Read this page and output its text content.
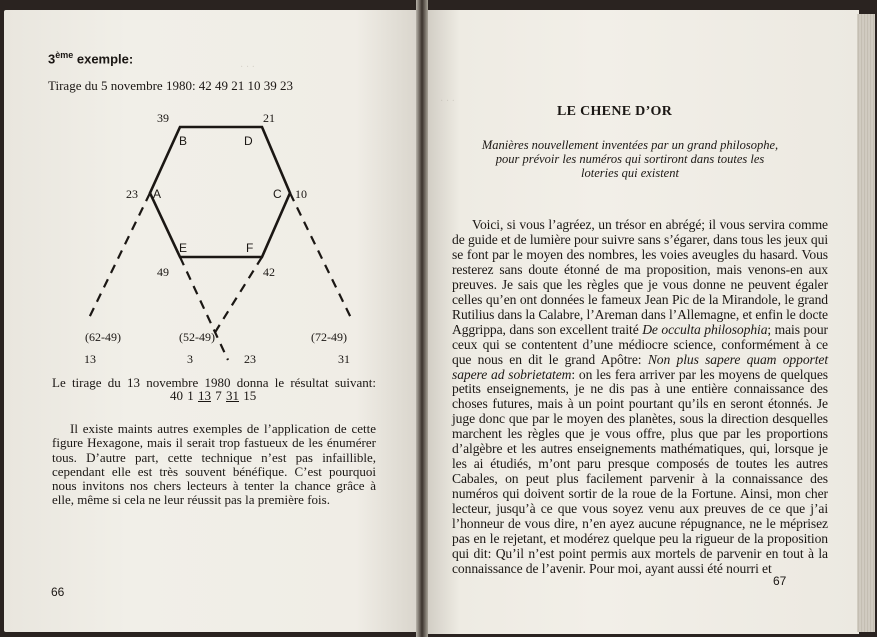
· · ·
· · ·
3ème exemple:
Tirage du 5 novembre 1980: 42 49 21 10 39 23
A
B
C
D
E	F
39	21
23	10
49	42
(62-49)	(52-49)	(72-49)
13	3	23	31
Le tirage du 13 novembre 1980 donna le résultat suivant:
40 1 13 7 31 15
Il existe maints autres exemples de l’application de cette figure Hexagone, mais il serait trop fastueux de les énumérer tous. D’autre part, cette technique n’est pas infaillible, cependant elle est très souvent bénéfique. C’est pourquoi nous invitons nos chers lecteurs à tenter la chance grâce à elle, même si cela ne leur réussit pas la première fois.
66
LE CHENE D’OR
Manières nouvellement inventées par un grand philosophe, pour prévoir les numéros qui sortiront dans toutes les loteries qui existent
Voici, si vous l’agréez, un trésor en abrégé; il vous servira comme de guide et de lumière pour suivre sans s’égarer, dans tous les jeux qui se font par le moyen des nombres, les voies aveugles du hasard. Vous resterez sans doute étonné de ma proposition, mais venons-en aux preuves. Je sais que les règles que je vous donne ne peuvent égaler celles qu’en ont données le fameux Jean Pic de la Mirandole, le grand Rutilius dans la Calabre, l’Areman dans l’Allemagne, et enfin le docte Aggrippa, dans son excellent traité De occulta philosophia; mais pour ceux qui se contentent d’une médiocre science, conformément à ce que nous en dit le grand Apôtre: Non plus sapere quam opportet sapere ad sobrietatem: on les fera arriver par les moyens de quelques petits enseignements, je ne dis pas à une entière connaissance des choses futures, mais à un point pourtant qu’ils en seront étonnés. Je juge donc que par le moyen des planètes, sous la direction desquelles marchent les règles que je vous offre, plus que par les proportions d’algèbre et les autres enseignements mathématiques, qui, lorsque je les ai étudiés, m’ont paru presque composés de toutes les autres Cabales, on peut plus facilement parvenir à la connaissance des numéros qui doivent sortir de la roue de la Fortune. Ainsi, mon cher lecteur, jusqu’à ce que vous soyez venu aux preuves de ce que j’ai l’honneur de vous dire, n’en ayez aucune répugnance, ne le méprisez pas en le rejetant, et modérez quelque peu la rigueur de la proposition qui dit: Qu’il n’est point permis aux mortels de parvenir en tout à la connaissance de l’avenir. Pour moi, ayant aussi été nourri et
67
